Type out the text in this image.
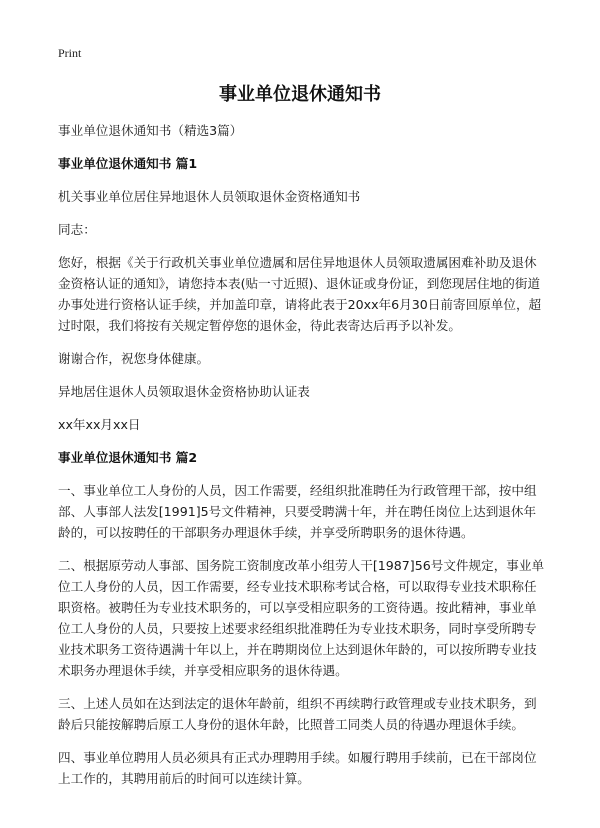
Print
事业单位退休通知书

事业单位退休通知书（精选3篇）

事业单位退休通知书 篇1

机关事业单位居住异地退休人员领取退休金资格通知书

同志：

您好，根据《关于行政机关事业单位遗属和居住异地退休人员领取遗属困难补助及退休金资格认证的通知》，请您持本表(贴一寸近照)、退休证或身份证，到您现居住地的街道办事处进行资格认证手续，并加盖印章，请将此表于20xx年6月30日前寄回原单位，超过时限，我们将按有关规定暂停您的退休金，待此表寄达后再予以补发。

谢谢合作，祝您身体健康。

异地居住退休人员领取退休金资格协助认证表

xx年xx月xx日

事业单位退休通知书 篇2

一、事业单位工人身份的人员，因工作需要，经组织批准聘任为行政管理干部，按中组部、人事部人法发[1991]5号文件精神，只要受聘满十年，并在聘任岗位上达到退休年龄的，可以按聘任的干部职务办理退休手续，并享受所聘职务的退休待遇。

二、根据原劳动人事部、国务院工资制度改革小组劳人干[1987]56号文件规定，事业单位工人身份的人员，因工作需要，经专业技术职称考试合格，可以取得专业技术职称任职资格。被聘任为专业技术职务的，可以享受相应职务的工资待遇。按此精神，事业单位工人身份的人员，只要按上述要求经组织批准聘任为专业技术职务，同时享受所聘专业技术职务工资待遇满十年以上，并在聘期岗位上达到退休年龄的，可以按所聘专业技术职务办理退休手续，并享受相应职务的退休待遇。

三、上述人员如在达到法定的退休年龄前，组织不再续聘行政管理或专业技术职务，到龄后只能按解聘后原工人身份的退休年龄，比照普工同类人员的待遇办理退休手续。

四、事业单位聘用人员必须具有正式办理聘用手续。如履行聘用手续前，已在干部岗位上工作的，其聘用前后的时间可以连续计算。
